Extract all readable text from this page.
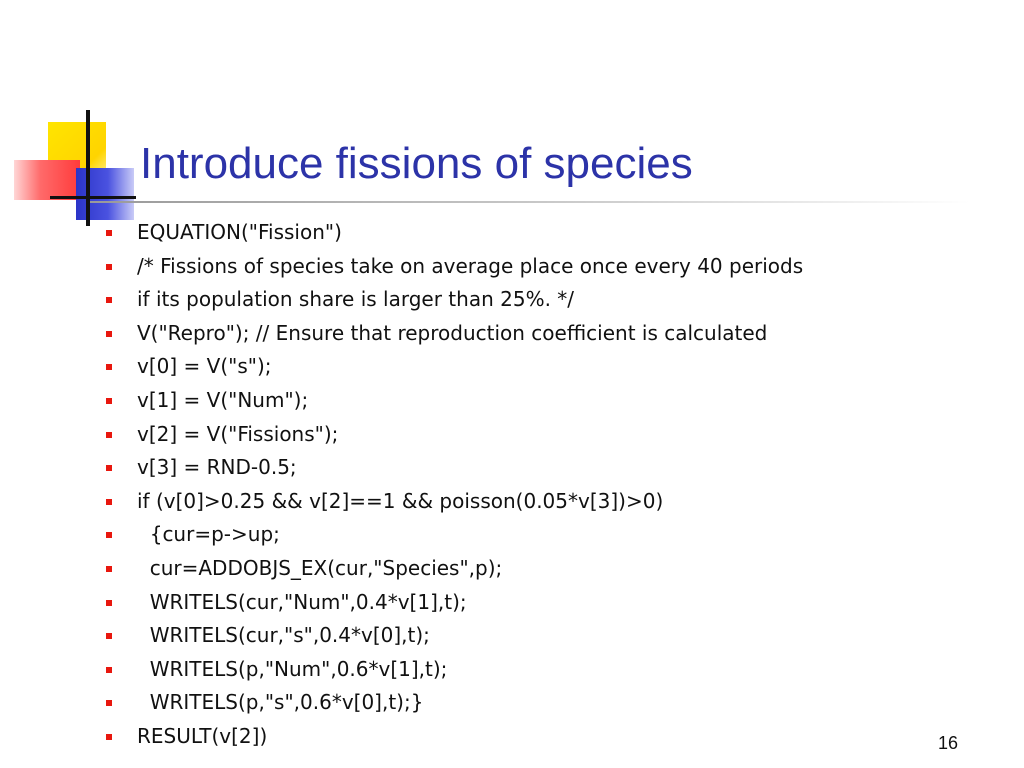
Introduce fissions of species
EQUATION("Fission")
/* Fissions of species take on average place once every 40 periods
if its population share is larger than 25%. */
V("Repro"); // Ensure that reproduction coefficient is calculated
v[0] = V("s");
v[1] = V("Num");
v[2] = V("Fissions");
v[3] = RND-0.5;
if (v[0]>0.25 && v[2]==1 && poisson(0.05*v[3])>0)
{cur=p->up;
cur=ADDOBJS_EX(cur,"Species",p);
WRITELS(cur,"Num",0.4*v[1],t);
WRITELS(cur,"s",0.4*v[0],t);
WRITELS(p,"Num",0.6*v[1],t);
WRITELS(p,"s",0.6*v[0],t);}
RESULT(v[2])	16
